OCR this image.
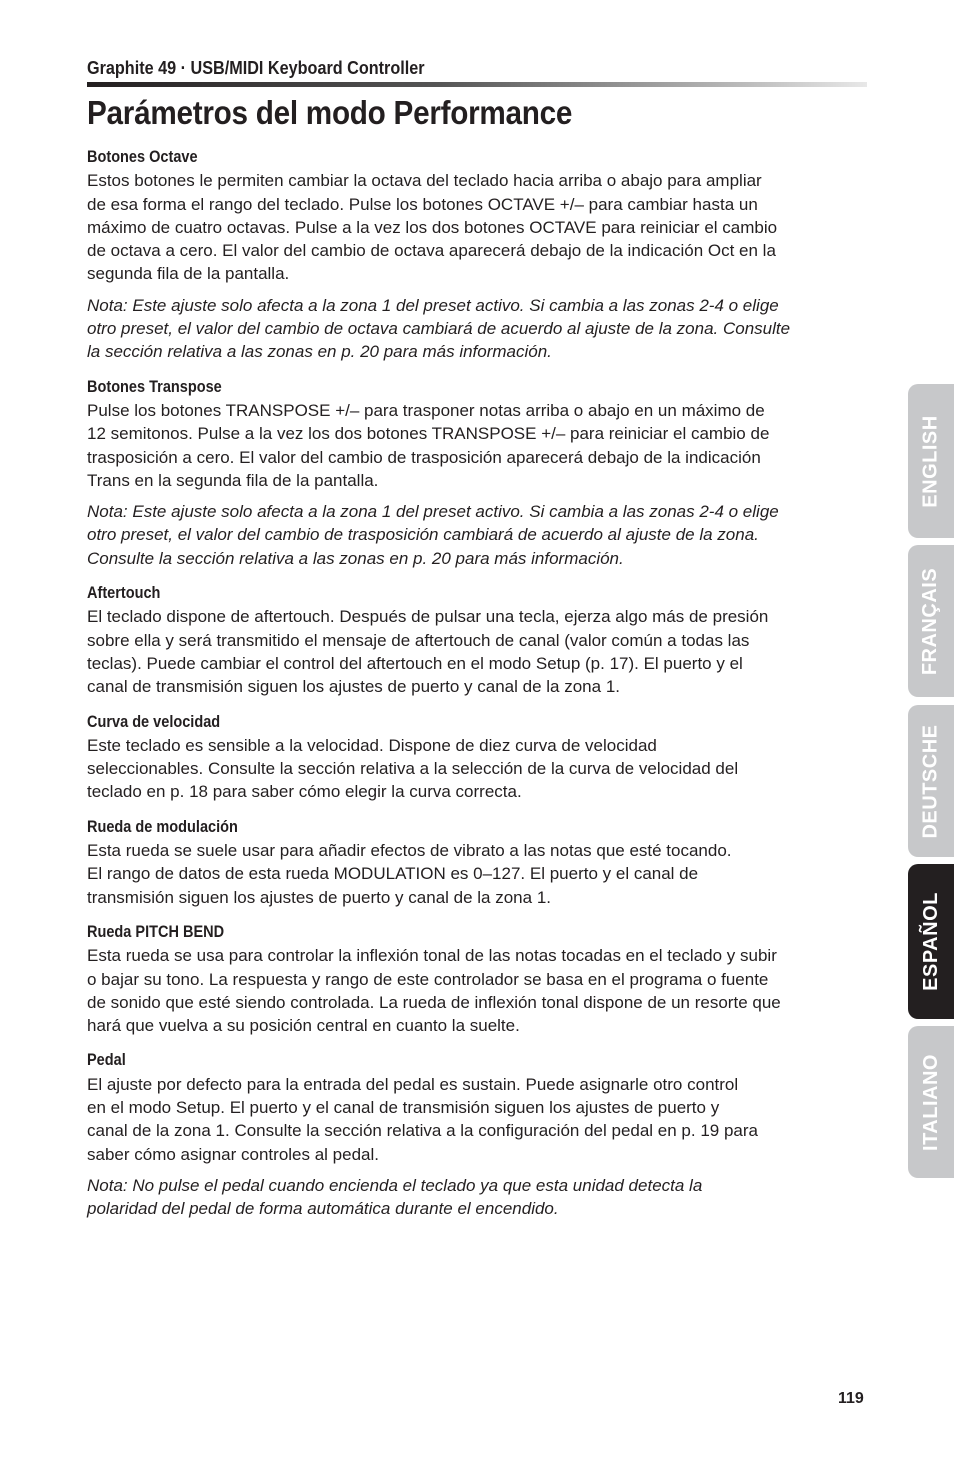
Graphite 49 · USB/MIDI Keyboard Controller
Parámetros del modo Performance
Botones Octave

Estos botones le permiten cambiar la octava del teclado hacia arriba o abajo para ampliar
de esa forma el rango del teclado. Pulse los botones OCTAVE +/– para cambiar hasta un
máximo de cuatro octavas. Pulse a la vez los dos botones OCTAVE para reiniciar el cambio
de octava a cero. El valor del cambio de octava aparecerá debajo de la indicación Oct en la
segunda fila de la pantalla.

Nota: Este ajuste solo afecta a la zona 1 del preset activo. Si cambia a las zonas 2-4 o elige
otro preset, el valor del cambio de octava cambiará de acuerdo al ajuste de la zona. Consulte
la sección relativa a las zonas en p. 20 para más información.

Botones Transpose

Pulse los botones TRANSPOSE +/– para trasponer notas arriba o abajo en un máximo de
12 semitonos. Pulse a la vez los dos botones TRANSPOSE +/– para reiniciar el cambio de
trasposición a cero. El valor del cambio de trasposición aparecerá debajo de la indicación
Trans en la segunda fila de la pantalla.

Nota: Este ajuste solo afecta a la zona 1 del preset activo. Si cambia a las zonas 2-4 o elige
otro preset, el valor del cambio de trasposición cambiará de acuerdo al ajuste de la zona.
Consulte la sección relativa a las zonas en p. 20 para más información.

Aftertouch

El teclado dispone de aftertouch. Después de pulsar una tecla, ejerza algo más de presión
sobre ella y será transmitido el mensaje de aftertouch de canal (valor común a todas las
teclas). Puede cambiar el control del aftertouch en el modo Setup (p. 17). El puerto y el
canal de transmisión siguen los ajustes de puerto y canal de la zona 1.

Curva de velocidad

Este teclado es sensible a la velocidad. Dispone de diez curva de velocidad
seleccionables. Consulte la sección relativa a la selección de la curva de velocidad del
teclado en p. 18 para saber cómo elegir la curva correcta.

Rueda de modulación

Esta rueda se suele usar para añadir efectos de vibrato a las notas que esté tocando.
El rango de datos de esta rueda MODULATION es 0–127. El puerto y el canal de
transmisión siguen los ajustes de puerto y canal de la zona 1.

Rueda PITCH BEND

Esta rueda se usa para controlar la inflexión tonal de las notas tocadas en el teclado y subir
o bajar su tono. La respuesta y rango de este controlador se basa en el programa o fuente
de sonido que esté siendo controlada. La rueda de inflexión tonal dispone de un resorte que
hará que vuelva a su posición central en cuanto la suelte.

Pedal

El ajuste por defecto para la entrada del pedal es sustain. Puede asignarle otro control
en el modo Setup. El puerto y el canal de transmisión siguen los ajustes de puerto y
canal de la zona 1. Consulte la sección relativa a la configuración del pedal en p. 19 para
saber cómo asignar controles al pedal.

Nota: No pulse el pedal cuando encienda el teclado ya que esta unidad detecta la
polaridad del pedal de forma automática durante el encendido.

ENGLISH
FRANÇAIS
DEUTSCHE
ESPAÑOL
ITALIANO

119
